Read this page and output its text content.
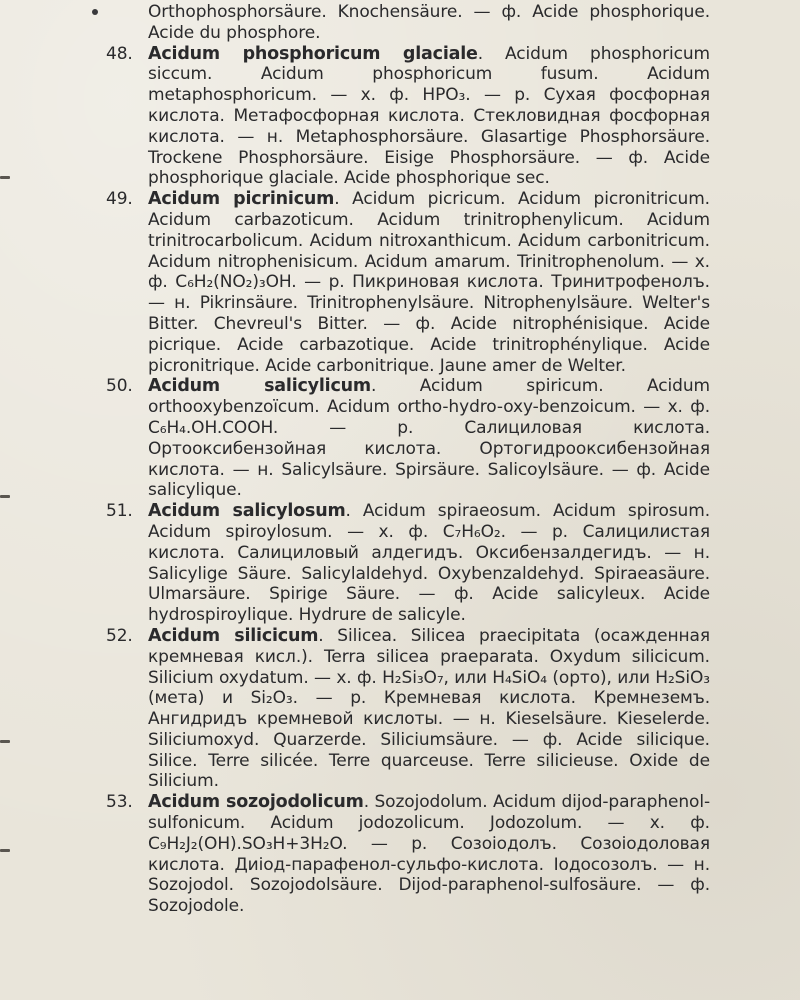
Orthophosphorsäure. Knochensäure. — ф. Acide phosphorique. Acide du phosphore.

48. Acidum phosphoricum glaciale. Acidum phosphoricum siccum. Acidum phosphoricum fusum. Acidum metaphosphoricum. — х. ф. HPO₃. — р. Сухая фосфорная кислота. Метафосфорная кислота. Стекловидная фосфорная кислота. — н. Metaphosphorsäure. Glasartige Phosphorsäure. Trockene Phosphorsäure. Eisige Phosphorsäure. — ф. Acide phosphorique glaciale. Acide phosphorique sec.

49. Acidum picrinicum. Acidum picricum. Acidum picronitricum. Acidum carbazoticum. Acidum trinitrophenylicum. Acidum trinitrocarbolicum. Acidum nitroxanthicum. Acidum carbonitricum. Acidum nitrophenisicum. Acidum amarum. Trinitrophenolum. — х. ф. C₆H₂(NO₂)₃OH. — р. Пикриновая кислота. Тринитрофенолъ. — н. Pikrinsäure. Trinitrophenylsäure. Nitrophenylsäure. Welter's Bitter. Chevreul's Bitter. — ф. Acide nitrophénisique. Acide picrique. Acide carbazotique. Acide trinitrophénylique. Acide picronitrique. Acide carbonitrique. Jaune amer de Welter.

50. Acidum salicylicum. Acidum spiricum. Acidum orthooxybenzoïcum. Acidum ortho-hydro-oxy-benzoicum. — х. ф. C₆H₄.OH.COOH. — р. Салициловая кислота. Ортооксибензойная кислота. Ортогидрооксибензойная кислота. — н. Salicylsäure. Spirsäure. Salicoylsäure. — ф. Acide salicylique.

51. Acidum salicylosum. Acidum spiraeosum. Acidum spirosum. Acidum spiroylosum. — х. ф. C₇H₆O₂. — р. Салицилистая кислота. Салициловый алдегидъ. Оксибензалдегидъ. — н. Salicylige Säure. Salicylaldehyd. Oxybenzaldehyd. Spiraeasäure. Ulmarsäure. Spirige Säure. — ф. Acide salicyleux. Acide hydrospiroylique. Hydrure de salicyle.

52. Acidum silicicum. Silicea. Silicea praecipitata (осажденная кремневая кисл.). Terra silicea praeparata. Oxydum silicicum. Silicium oxydatum. — х. ф. H₂Si₃O₇, или H₄SiO₄ (орто), или H₂SiO₃ (мета) и Si₂O₃. — р. Кремневая кислота. Кремнеземъ. Ангидридъ кремневой кислоты. — н. Kieselsäure. Kieselerde. Siliciumoxyd. Quarzerde. Siliciumsäure. — ф. Acide silicique. Silice. Terre silicée. Terre quarceuse. Terre silicieuse. Oxide de Silicium.

53. Acidum sozojodolicum. Sozojodolum. Acidum dijod-paraphenol-sulfonicum. Acidum jodozolicum. Jodozolum. — х. ф. C₉H₂J₂(OH).SO₃H+3H₂O. — р. Созоіодолъ. Созоіодоловая кислота. Диіод-парафенол-сульфо-кислота. Іодосозолъ. — н. Sozojodol. Sozojodolsäure. Dijod-paraphenol-sulfosäure. — ф. Sozojodole.
